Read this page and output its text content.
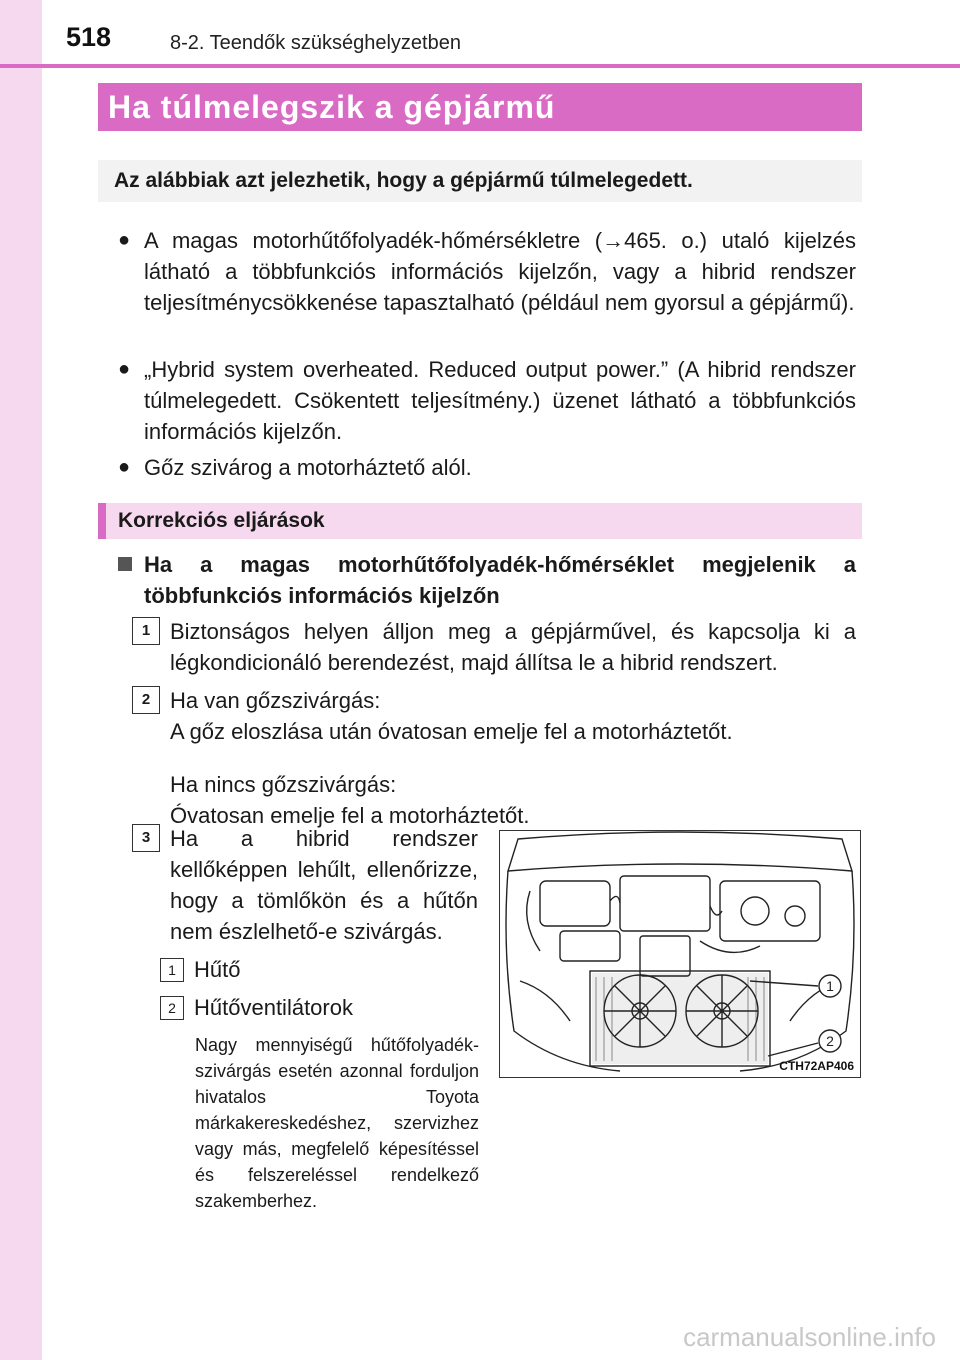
518	8-2. Teendők szükséghelyzetben
Ha túlmelegszik a gépjármű
Az alábbiak azt jelezhetik, hogy a gépjármű túlmelegedett.
● A magas motorhűtőfolyadék-hőmérsékletre (→465. o.) utaló kijelzés látható a többfunkciós információs kijelzőn, vagy a hibrid rendszer teljesítménycsökkenése tapasztalható (például nem gyorsul a gépjármű).
● „Hybrid system overheated. Reduced output power.” (A hibrid rendszer túlmelegedett. Csökentett teljesítmény.) üzenet látható a többfunkciós információs kijelzőn.
● Gőz szivárog a motorháztető alól.
Korrekciós eljárások
Ha a magas motorhűtőfolyadék-hőmérséklet megjelenik a többfunkciós információs kijelzőn
1 Biztonságos helyen álljon meg a gépjárművel, és kapcsolja ki a légkondicionáló berendezést, majd állítsa le a hibrid rendszert.
2 Ha van gőzszivárgás:
A gőz eloszlása után óvatosan emelje fel a motorháztetőt.
Ha nincs gőzszivárgás:
Óvatosan emelje fel a motorháztetőt.
3 Ha a hibrid rendszer kellőképpen lehűlt, ellenőrizze, hogy a tömlőkön és a hűtőn nem észlelhető-e szivárgás.
1 Hűtő
2 Hűtőventilátorok
Nagy mennyiségű hűtőfolyadék-szivárgás esetén azonnal forduljon hivatalos Toyota márkakereskedéshez, szervizhez vagy más, megfelelő képesítéssel és felszereléssel rendelkező szakemberhez.
1
2
CTH72AP406
carmanualsonline.info
